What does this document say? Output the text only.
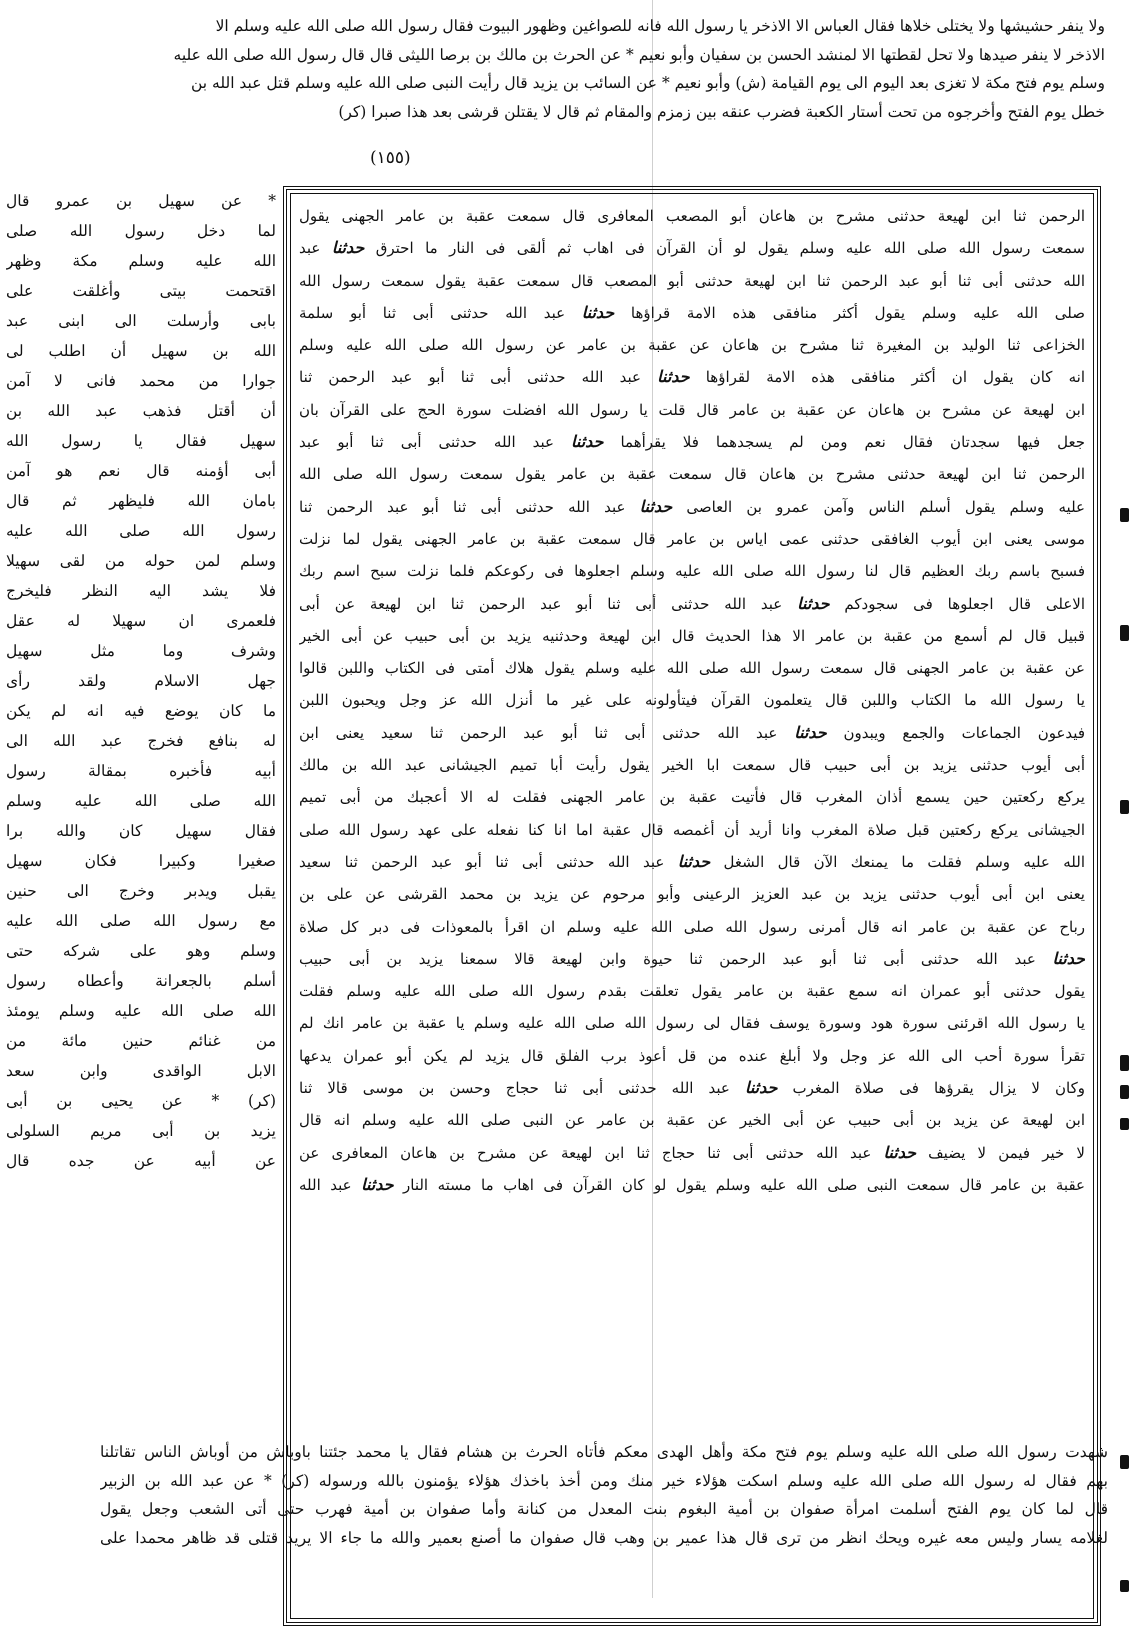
ولا ينفر حشيشها ولا يختلى خلاها فقال العباس الا الاذخر يا رسول الله فانه للصواغين وظهور البيوت فقال رسول الله صلى الله عليه وسلم الا
الاذخر لا ينفر صيدها ولا تحل لقطتها الا لمنشد الحسن بن سفيان وأبو نعيم * عن الحرث بن مالك بن برصا الليثى قال قال رسول الله صلى الله عليه
وسلم يوم فتح مكة لا تغزى بعد اليوم الى يوم القيامة (ش) وأبو نعيم * عن السائب بن يزيد قال رأيت النبى صلى الله عليه وسلم قتل عبد الله بن
خطل يوم الفتح وأخرجوه من تحت أستار الكعبة فضرب عنقه بين زمزم والمقام ثم قال لا يقتلن قرشى بعد هذا صبرا (كر)
(١٥٥)
الرحمن ثنا ابن لهيعة حدثنى مشرح بن هاعان أبو المصعب المعافرى قال سمعت عقبة بن عامر الجهنى يقول
سمعت رسول الله صلى الله عليه وسلم يقول لو أن القرآن فى اهاب ثم ألقى فى النار ما احترق حدثنا عبد
الله حدثنى أبى ثنا أبو عبد الرحمن ثنا ابن لهيعة حدثنى أبو المصعب قال سمعت عقبة يقول سمعت رسول الله
صلى الله عليه وسلم يقول أكثر منافقى هذه الامة قراؤها حدثنا عبد الله حدثنى أبى ثنا أبو سلمة
الخزاعى ثنا الوليد بن المغيرة ثنا مشرح بن هاعان عن عقبة بن عامر عن رسول الله صلى الله عليه وسلم
انه كان يقول ان أكثر منافقى هذه الامة لقراؤها حدثنا عبد الله حدثنى أبى ثنا أبو عبد الرحمن ثنا
ابن لهيعة عن مشرح بن هاعان عن عقبة بن عامر قال قلت يا رسول الله افضلت سورة الحج على القرآن بان
جعل فيها سجدتان فقال نعم ومن لم يسجدهما فلا يقرأهما حدثنا عبد الله حدثنى أبى ثنا أبو عبد
الرحمن ثنا ابن لهيعة حدثنى مشرح بن هاعان قال سمعت عقبة بن عامر يقول سمعت رسول الله صلى الله
عليه وسلم يقول أسلم الناس وآمن عمرو بن العاصى حدثنا عبد الله حدثنى أبى ثنا أبو عبد الرحمن ثنا
موسى يعنى ابن أيوب الغافقى حدثنى عمى اياس بن عامر قال سمعت عقبة بن عامر الجهنى يقول لما نزلت
فسبح باسم ربك العظيم قال لنا رسول الله صلى الله عليه وسلم اجعلوها فى ركوعكم فلما نزلت سبح اسم ربك
الاعلى قال اجعلوها فى سجودكم حدثنا عبد الله حدثنى أبى ثنا أبو عبد الرحمن ثنا ابن لهيعة عن أبى
قبيل قال لم أسمع من عقبة بن عامر الا هذا الحديث قال ابن لهيعة وحدثنيه يزيد بن أبى حبيب عن أبى الخير
عن عقبة بن عامر الجهنى قال سمعت رسول الله صلى الله عليه وسلم يقول هلاك أمتى فى الكتاب واللبن قالوا
يا رسول الله ما الكتاب واللبن قال يتعلمون القرآن فيتأولونه على غير ما أنزل الله عز وجل ويحبون اللبن
فيدعون الجماعات والجمع ويبدون حدثنا عبد الله حدثنى أبى ثنا أبو عبد الرحمن ثنا سعيد يعنى ابن
أبى أيوب حدثنى يزيد بن أبى حبيب قال سمعت ابا الخير يقول رأيت أبا تميم الجيشانى عبد الله بن مالك
يركع ركعتين حين يسمع أذان المغرب قال فأتيت عقبة بن عامر الجهنى فقلت له الا أعجبك من أبى تميم
الجيشانى يركع ركعتين قبل صلاة المغرب وانا أريد أن أغمصه قال عقبة اما انا كنا نفعله على عهد رسول الله صلى
الله عليه وسلم فقلت ما يمنعك الآن قال الشغل حدثنا عبد الله حدثنى أبى ثنا أبو عبد الرحمن ثنا سعيد
يعنى ابن أبى أيوب حدثنى يزيد بن عبد العزيز الرعينى وأبو مرحوم عن يزيد بن محمد القرشى عن على بن
رباح عن عقبة بن عامر انه قال أمرنى رسول الله صلى الله عليه وسلم ان اقرأ بالمعوذات فى دبر كل صلاة
حدثنا عبد الله حدثنى أبى ثنا أبو عبد الرحمن ثنا حيوة وابن لهيعة قالا سمعنا يزيد بن أبى حبيب
يقول حدثنى أبو عمران انه سمع عقبة بن عامر يقول تعلقت بقدم رسول الله صلى الله عليه وسلم فقلت
يا رسول الله اقرئنى سورة هود وسورة يوسف فقال لى رسول الله صلى الله عليه وسلم يا عقبة بن عامر انك لم
تقرأ سورة أحب الى الله عز وجل ولا أبلغ عنده من قل أعوذ برب الفلق قال يزيد لم يكن أبو عمران يدعها
وكان لا يزال يقرؤها فى صلاة المغرب حدثنا عبد الله حدثنى أبى ثنا حجاج وحسن بن موسى قالا ثنا
ابن لهيعة عن يزيد بن أبى حبيب عن أبى الخير عن عقبة بن عامر عن النبى صلى الله عليه وسلم انه قال
لا خير فيمن لا يضيف حدثنا عبد الله حدثنى أبى ثنا حجاج ثنا ابن لهيعة عن مشرح بن هاعان المعافرى عن
عقبة بن عامر قال سمعت النبى صلى الله عليه وسلم يقول لو كان القرآن فى اهاب ما مسته النار حدثنا عبد الله
* عن سهيل بن عمرو قال
لما دخل رسول الله صلى
الله عليه وسلم مكة وظهر
اقتحمت بيتى وأغلقت على
بابى وأرسلت الى ابنى عبد
الله بن سهيل أن اطلب لى
جوارا من محمد فانى لا آمن
أن أقتل فذهب عبد الله بن
سهيل فقال يا رسول الله
أبى أؤمنه قال نعم هو آمن
بامان الله فليظهر ثم قال
رسول الله صلى الله عليه
وسلم لمن حوله من لقى سهيلا
فلا يشد اليه النظر فليخرج
فلعمرى ان سهيلا له عقل
وشرف وما مثل سهيل
جهل الاسلام ولقد رأى
ما كان يوضع فيه انه لم يكن
له بنافع فخرج عبد الله الى
أبيه فأخبره بمقالة رسول
الله صلى الله عليه وسلم
فقال سهيل كان والله برا
صغيرا وكبيرا فكان سهيل
يقبل ويدبر وخرج الى حنين
مع رسول الله صلى الله عليه
وسلم وهو على شركه حتى
أسلم بالجعرانة وأعطاه رسول
الله صلى الله عليه وسلم يومئذ
من غنائم حنين مائة من
الابل الواقدى وابن سعد
(كر) * عن يحيى بن أبى
يزيد بن أبى مريم السلولى
عن أبيه عن جده قال
شهدت رسول الله صلى الله عليه وسلم يوم فتح مكة وأهل الهدى معكم فأتاه الحرث بن هشام فقال يا محمد جئتنا باوباش من أوباش الناس تقاتلنا
بهم فقال له رسول الله صلى الله عليه وسلم اسكت هؤلاء خير منك ومن أخذ باخذك هؤلاء يؤمنون بالله ورسوله (كر) * عن عبد الله بن الزبير
قال لما كان يوم الفتح أسلمت امرأة صفوان بن أمية البغوم بنت المعدل من كنانة وأما صفوان بن أمية فهرب حتى أتى الشعب وجعل يقول
لغلامه يسار وليس معه غيره ويحك انظر من ترى قال هذا عمير بن وهب قال صفوان ما أصنع بعمير والله ما جاء الا يريد قتلى قد ظاهر محمدا على
